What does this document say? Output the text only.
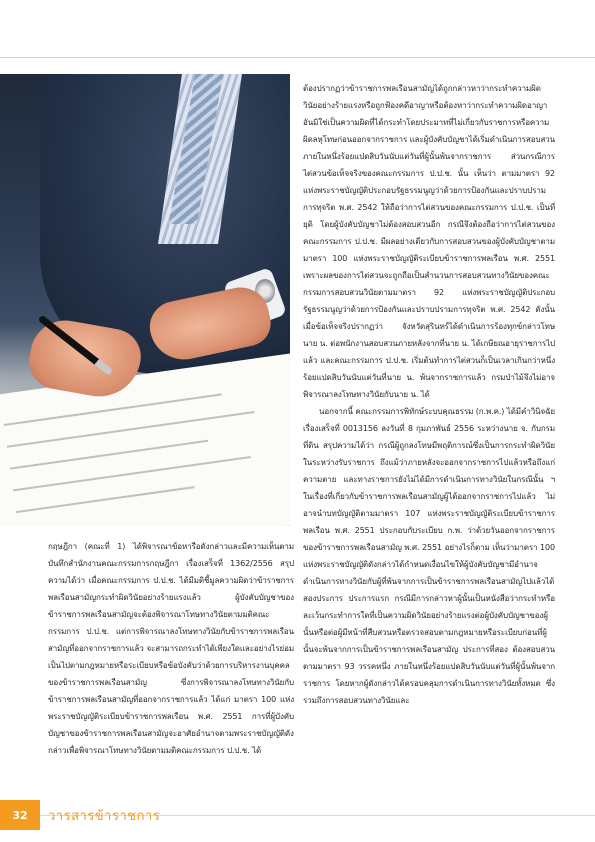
ต้องปรากฏว่าข้าราชการพลเรือนสามัญได้ถูกกล่าวหาว่ากระทำความผิดวินัยอย่างร้ายแรงหรือถูกฟ้องคดีอาญาหรือต้องหาว่ากระทำความผิดอาญาอันมิใช่เป็นความผิดที่ได้กระทำโดยประมาทที่ไม่เกี่ยวกับราชการหรือความผิดลหุโทษก่อนออกจากราชการ และผู้บังคับบัญชาได้เริ่มดำเนินการสอบสวนภายในหนึ่งร้อยแปดสิบวันนับแต่วันที่ผู้นั้นพ้นจากราชการ ส่วนกรณีการไต่สวนข้อเท็จจริงของคณะกรรมการ ป.ป.ช. นั้น เห็นว่า ตามมาตรา 92 แห่งพระราชบัญญัติประกอบรัฐธรรมนูญว่าด้วยการป้องกันและปราบปรามการทุจริต พ.ศ. 2542 ให้ถือว่าการไต่สวนของคณะกรรมการ ป.ป.ช. เป็นที่ยุติ โดยผู้บังคับบัญชาไม่ต้องสอบสวนอีก กรณีจึงต้องถือว่าการไต่สวนของคณะกรรมการ ป.ป.ช. มีผลอย่างเดียวกับการสอบสวนของผู้บังคับบัญชาตามมาตรา 100 แห่งพระราชบัญญัติระเบียบข้าราชการพลเรือน พ.ศ. 2551 เพราะผลของการไต่สวนจะถูกถือเป็นสำนวนการสอบสวนทางวินัยของคณะกรรมการสอบสวนวินัยตามมาตรา 92 แห่งพระราชบัญญัติประกอบรัฐธรรมนูญว่าด้วยการป้องกันและปราบปรามการทุจริต พ.ศ. 2542 ดังนั้น เมื่อข้อเท็จจริงปรากฏว่า จังหวัดสุรินทร์ได้ดำเนินการร้องทุกข์กล่าวโทษ นาย น. ต่อพนักงานสอบสวนภายหลังจากที่นาย น. ได้เกษียณอายุราชการไปแล้ว และคณะกรรมการ ป.ป.ช. เริ่มต้นทำการไต่สวนก็เป็นเวลาเกินกว่าหนึ่งร้อยแปดสิบวันนับแต่วันที่นาย น. พ้นจากราชการแล้ว กรมป่าไม้จึงไม่อาจพิจารณาลงโทษทางวินัยกับนาย น. ได้

นอกจากนี้ คณะกรรมการพิทักษ์ระบบคุณธรรม (ก.พ.ค.) ได้มีคำวินิจฉัย เรื่องเสร็จที่ 0013156 ลงวันที่ 8 กุมภาพันธ์ 2556 ระหว่างนาย จ. กับกรมที่ดิน สรุปความได้ว่า กรณีผู้ถูกลงโทษมีพฤติการณ์ซึ่งเป็นการกระทำผิดวินัยในระหว่างรับราชการ ถึงแม้ว่าภายหลังจะออกจากราชการไปแล้วหรือถึงแก่ความตาย และทางราชการยังไม่ได้มีการดำเนินการทางวินัยในกรณีนั้น ฯ ในเรื่องที่เกี่ยวกับข้าราชการพลเรือนสามัญผู้ได้ออกจากราชการไปแล้ว ไม่อาจนำบทบัญญัติตามมาตรา 107 แห่งพระราชบัญญัติระเบียบข้าราชการพลเรือน พ.ศ. 2551 ประกอบกับระเบียบ ก.พ. ว่าด้วยวันออกจากราชการของข้าราชการพลเรือนสามัญ พ.ศ. 2551 อย่างไรก็ตาม เห็นว่ามาตรา 100 แห่งพระราชบัญญัติดังกล่าวได้กำหนดเงื่อนไขให้ผู้บังคับบัญชามีอำนาจดำเนินการทางวินัยกับผู้ที่พ้นจากการเป็นข้าราชการพลเรือนสามัญไปแล้วได้ สองประการ ประการแรก กรณีมีการกล่าวหาผู้นั้นเป็นหนังสือว่ากระทำหรือละเว้นกระทำการใดที่เป็นความผิดวินัยอย่างร้ายแรงต่อผู้บังคับบัญชาของผู้นั้นหรือต่อผู้มีหน้าที่สืบสวนหรือตรวจสอบตามกฎหมายหรือระเบียบก่อนที่ผู้นั้นจะพ้นจากการเป็นข้าราชการพลเรือนสามัญ ประการที่สอง ต้องสอบสวนตามมาตรา 93 วรรคหนึ่ง ภายในหนึ่งร้อยแปดสิบวันนับแต่วันที่ผู้นั้นพ้นจากราชการ โดยหากผู้ดังกล่าวได้ครอบคลุมการดำเนินการทางวินัยทั้งหมด ซึ่งรวมถึงการสอบสวนทางวินัยและ

กฤษฎีกา (คณะที่ 1) ได้พิจารณาข้อหารือดังกล่าวและมีความเห็นตามบันทึกสำนักงานคณะกรรมการกฤษฎีกา เรื่องเสร็จที่ 1362/2556 สรุปความได้ว่า เมื่อคณะกรรมการ ป.ป.ช. ได้มีมติชี้มูลความผิดว่าข้าราชการพลเรือนสามัญกระทำผิดวินัยอย่างร้ายแรงแล้ว ผู้บังคับบัญชาของข้าราชการพลเรือนสามัญจะต้องพิจารณาโทษทางวินัยตามมติคณะกรรมการ ป.ป.ช. แต่การพิจารณาลงโทษทางวินัยกับข้าราชการพลเรือนสามัญที่ออกจากราชการแล้ว จะสามารถกระทำได้เพียงใดและอย่างไรย่อมเป็นไปตามกฎหมายหรือระเบียบหรือข้อบังคับว่าด้วยการบริหารงานบุคคลของข้าราชการพลเรือนสามัญ ซึ่งการพิจารณาลงโทษทางวินัยกับข้าราชการพลเรือนสามัญที่ออกจากราชการแล้ว ได้แก่ มาตรา 100 แห่งพระราชบัญญัติระเบียบข้าราชการพลเรือน พ.ศ. 2551 การที่ผู้บังคับบัญชาของข้าราชการพลเรือนสามัญจะอาศัยอำนาจตามพระราชบัญญัติดังกล่าวเพื่อพิจารณาโทษทางวินัยตามมติคณะกรรมการ ป.ป.ช. ได้

32	วารสารข้าราชการ
